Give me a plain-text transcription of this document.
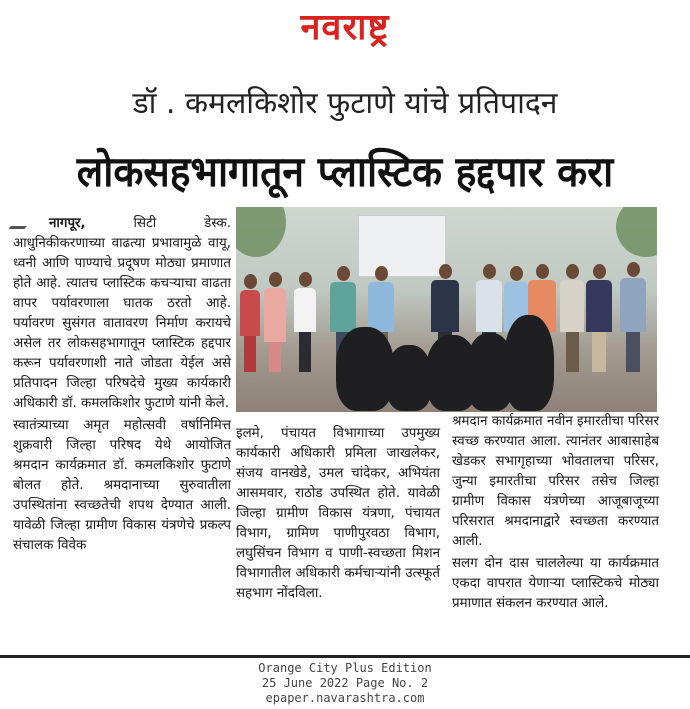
नवराष्ट्र
डॉ . कमलकिशोर फुटाणे यांचे प्रतिपादन
लोकसहभागातून प्लास्टिक हद्दपार करा

नागपूर, सिटी डेस्क. आधुनिकीकरणाच्या वाढत्या प्रभावामुळे वायू, ध्वनी आणि पाण्याचे प्रदूषण मोठ्या प्रमाणात होते आहे. त्यातच प्लास्टिक कचऱ्याचा वाढता वापर पर्यावरणाला घातक ठरतो आहे. पर्यावरण सुसंगत वातावरण निर्माण करायचे असेल तर लोकसहभागातून प्लास्टिक हद्दपार करून पर्यावरणाशी नाते जोडता येईल असे प्रतिपादन जिल्हा परिषदेचे मुख्य कार्यकारी अधिकारी डॉ. कमलकिशोर फुटाणे यांनी केले.

स्वातंत्र्याच्या अमृत महोत्सवी वर्षानिमित्त शुक्रवारी जिल्हा परिषद येथे आयोजित श्रमदान कार्यक्रमात डॉ. कमलकिशोर फुटाणे बोलत होते. श्रमदानाच्या सुरुवातीला उपस्थितांना स्वच्छतेची शपथ देण्यात आली. यावेळी जिल्हा ग्रामीण विकास यंत्रणेचे प्रकल्प संचालक विवेक

इलमे, पंचायत विभागाच्या उपमुख्य कार्यकारी अधिकारी प्रमिला जाखलेकर, संजय वानखेडे, उमल चांदेकर, अभियंता आसमवार, राठोड उपस्थित होते. यावेळी जिल्हा ग्रामीण विकास यंत्रणा, पंचायत विभाग, ग्रामिण पाणीपुरवठा विभाग, लघुसिंचन विभाग व पाणी-स्वच्छता मिशन विभागातील अधिकारी कर्मचाऱ्यांनी उत्स्फूर्त सहभाग नोंदविला.

श्रमदान कार्यक्रमात नवीन इमारतीचा परिसर स्वच्छ करण्यात आला. त्यानंतर आबासाहेब खेडकर सभागृहाच्या भोवतालचा परिसर, जुन्या इमारतीचा परिसर तसेच जिल्हा ग्रामीण विकास यंत्रणेच्या आजूबाजूच्या परिसरात श्रमदानाद्वारे स्वच्छता करण्यात आली.

सलग दोन दास चाललेल्या या कार्यक्रमात एकदा वापरात येणाऱ्या प्लास्टिकचे मोठ्या प्रमाणात संकलन करण्यात आले.

Orange City Plus Edition
25 June 2022 Page No. 2
epaper.navarashtra.com
